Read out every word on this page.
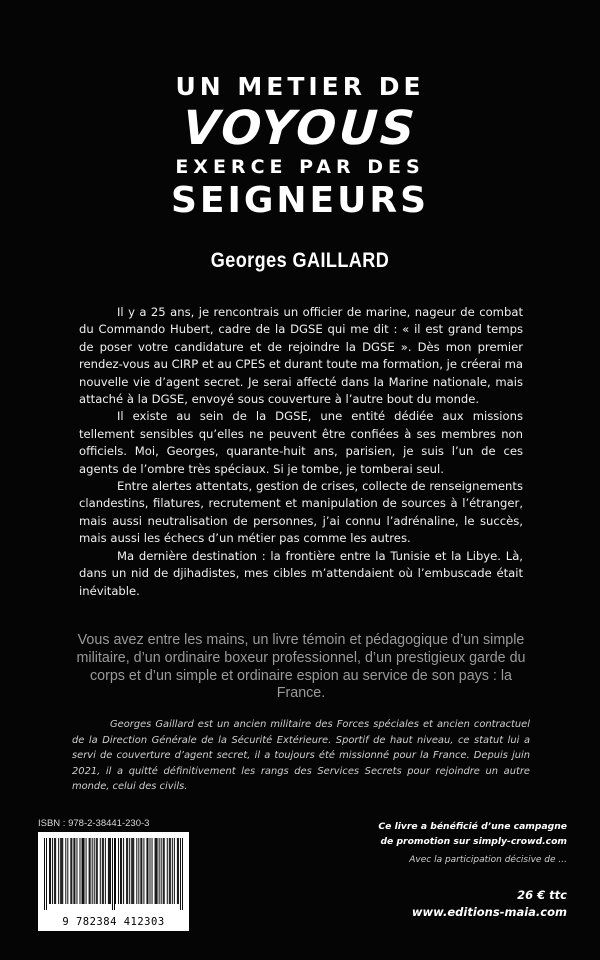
UN METIER DE
VOYOUS
EXERCE PAR DES
SEIGNEURS
Georges GAILLARD

Il y a 25 ans, je rencontrais un officier de marine, nageur de combat du Commando Hubert, cadre de la DGSE qui me dit : « il est grand temps de poser votre candidature et de rejoindre la DGSE ». Dès mon premier rendez-vous au CIRP et au CPES et durant toute ma formation, je créerai ma nouvelle vie d’agent secret. Je serai affecté dans la Marine nationale, mais attaché à la DGSE, envoyé sous couverture à l’autre bout du monde.

Il existe au sein de la DGSE, une entité dédiée aux missions tellement sensibles qu’elles ne peuvent être confiées à ses membres non officiels. Moi, Georges, quarante-huit ans, parisien, je suis l’un de ces agents de l’ombre très spéciaux. Si je tombe, je tomberai seul.

Entre alertes attentats, gestion de crises, collecte de renseignements clandestins, filatures, recrutement et manipulation de sources à l’étranger, mais aussi neutralisation de personnes, j’ai connu l’adrénaline, le succès, mais aussi les échecs d’un métier pas comme les autres.

Ma dernière destination : la frontière entre la Tunisie et la Libye. Là, dans un nid de djihadistes, mes cibles m’attendaient où l’embuscade était inévitable.

Vous avez entre les mains, un livre témoin et pédagogique d’un simple militaire, d’un ordinaire boxeur professionnel, d’un prestigieux garde du corps et d’un simple et ordinaire espion au service de son pays : la France.
Georges Gaillard est un ancien militaire des Forces spéciales et ancien contractuel de la Direction Générale de la Sécurité Extérieure. Sportif de haut niveau, ce statut lui a servi de couverture d’agent secret, il a toujours été missionné pour la France. Depuis juin 2021, il a quitté définitivement les rangs des Services Secrets pour rejoindre un autre monde, celui des civils.
ISBN : 978-2-38441-230-3
9 782384 412303
Ce livre a bénéficié d’une campagne
de promotion sur simply-crowd.com
Avec la participation décisive de ...
26 € ttc
www.editions-maia.com
